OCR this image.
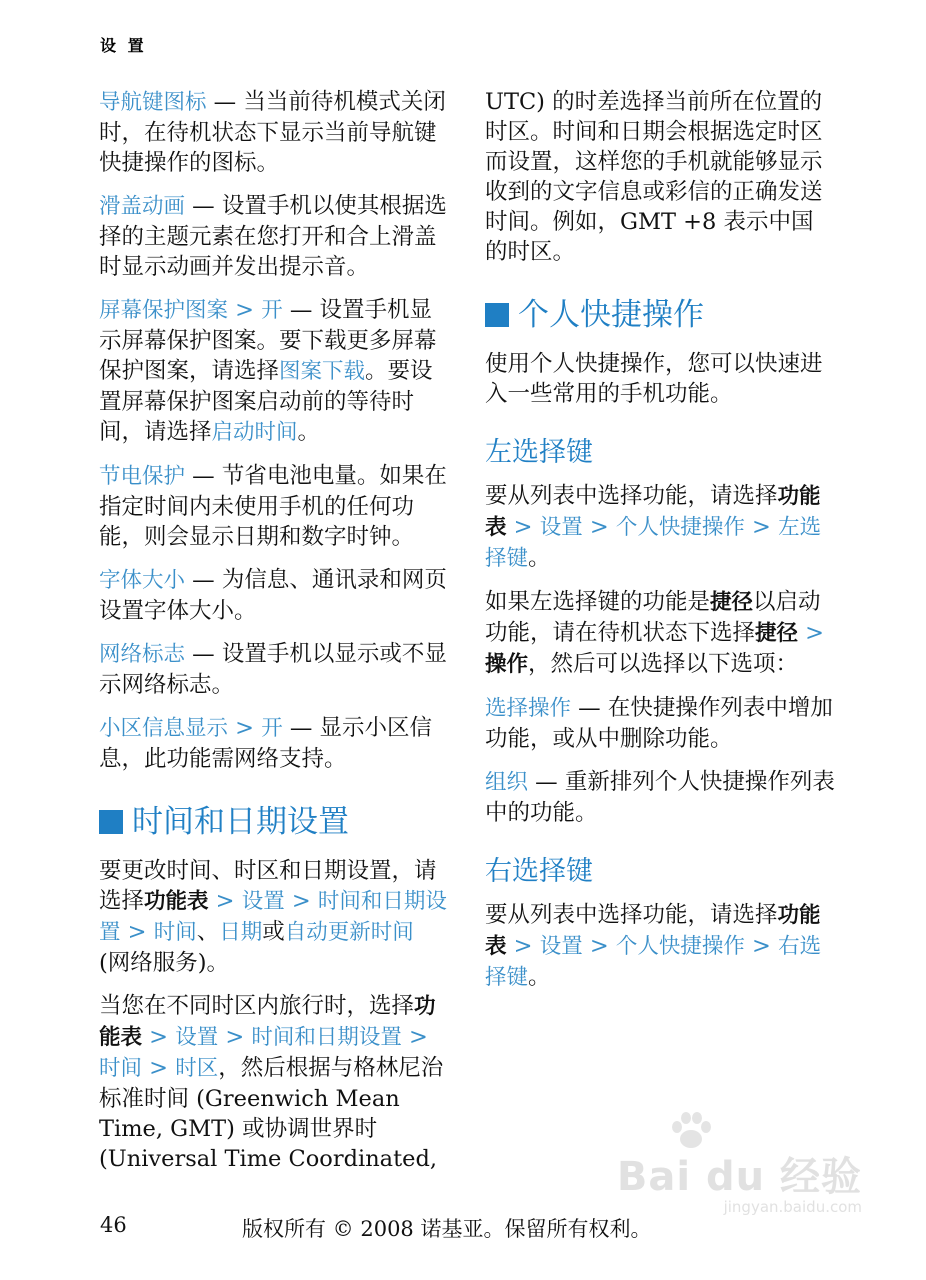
设 置

导航键图标 — 当当前待机模式关闭时，在待机状态下显示当前导航键快捷操作的图标。

滑盖动画 — 设置手机以使其根据选择的主题元素在您打开和合上滑盖时显示动画并发出提示音。

屏幕保护图案 > 开 — 设置手机显示屏幕保护图案。要下载更多屏幕保护图案，请选择图案下载。要设置屏幕保护图案启动前的等待时间，请选择启动时间。

节电保护 — 节省电池电量。如果在指定时间内未使用手机的任何功能，则会显示日期和数字时钟。

字体大小 — 为信息、通讯录和网页设置字体大小。

网络标志 — 设置手机以显示或不显示网络标志。

小区信息显示 > 开 — 显示小区信息，此功能需网络支持。

时间和日期设置

要更改时间、时区和日期设置，请选择功能表 > 设置 > 时间和日期设置 > 时间、日期或自动更新时间 (网络服务)。

当您在不同时区内旅行时，选择功能表 > 设置 > 时间和日期设置 > 时间 > 时区，然后根据与格林尼治标准时间 (Greenwich Mean Time, GMT) 或协调世界时 (Universal Time Coordinated,

UTC) 的时差选择当前所在位置的时区。时间和日期会根据选定时区而设置，这样您的手机就能够显示收到的文字信息或彩信的正确发送时间。例如，GMT +8 表示中国的时区。

个人快捷操作

使用个人快捷操作，您可以快速进入一些常用的手机功能。

左选择键

要从列表中选择功能，请选择功能表 > 设置 > 个人快捷操作 > 左选择键。

如果左选择键的功能是捷径以启动功能，请在待机状态下选择捷径 > 操作，然后可以选择以下选项：

选择操作 — 在快捷操作列表中增加功能，或从中删除功能。

组织 — 重新排列个人快捷操作列表中的功能。

右选择键

要从列表中选择功能，请选择功能表 > 设置 > 个人快捷操作 > 右选择键。

Bai du 经验
jingyan.baidu.com
46	版权所有 © 2008 诺基亚。保留所有权利。
